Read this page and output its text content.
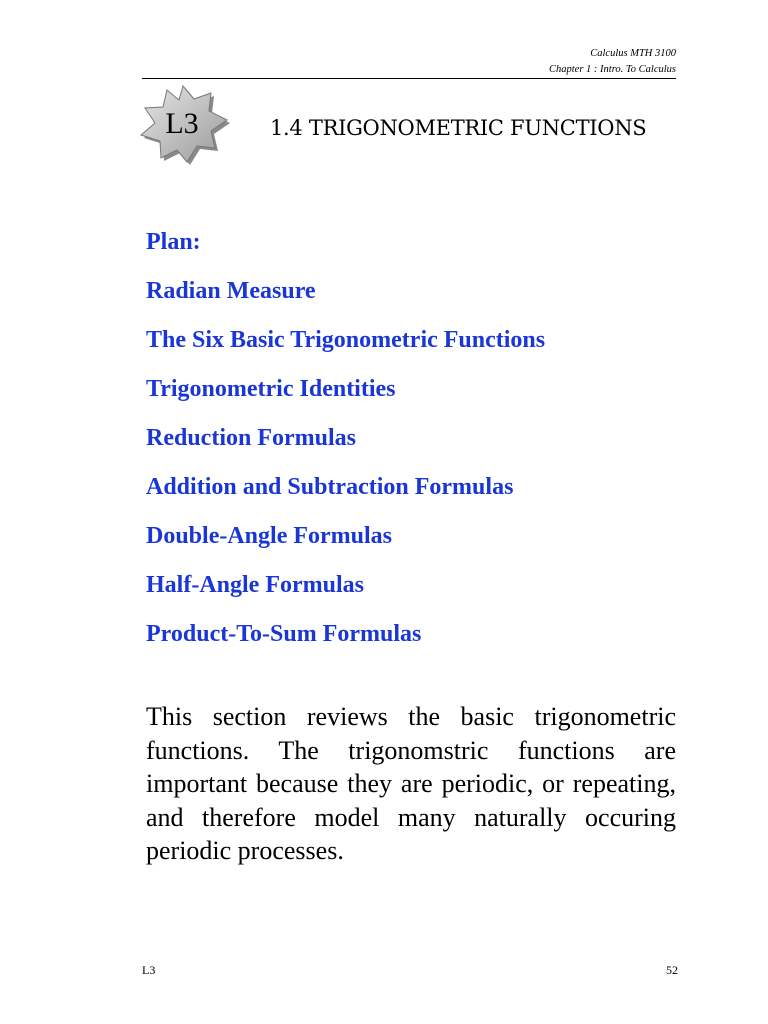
Calculus MTH 3100
Chapter 1 : Intro. To Calculus
L3	1.4 TRIGONOMETRIC FUNCTIONS
Plan:
Radian Measure
The Six Basic Trigonometric Functions
Trigonometric Identities
Reduction Formulas
Addition and Subtraction Formulas
Double-Angle Formulas
Half-Angle Formulas
Product-To-Sum Formulas

This section reviews the basic trigonometric functions. The trigonomstric functions are important because they are periodic, or repeating, and therefore model many naturally occuring periodic processes.

L3	52
